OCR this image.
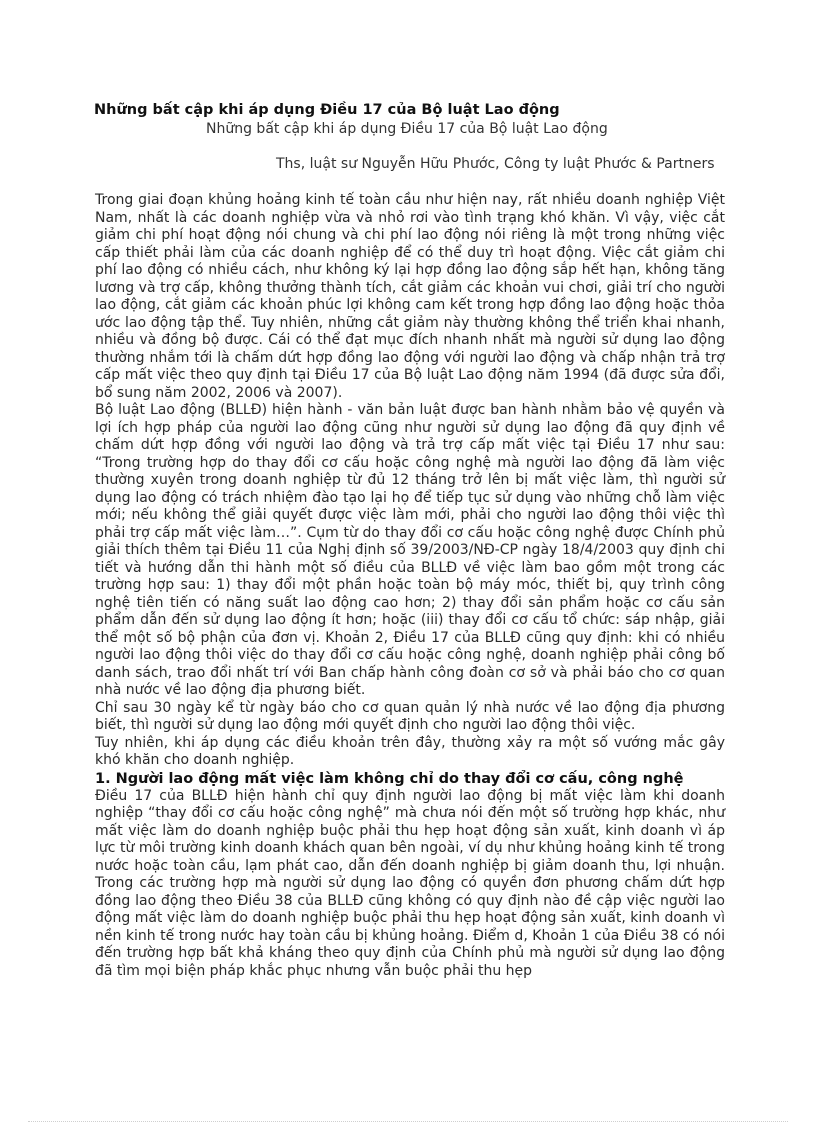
Những bất cập khi áp dụng Điều 17 của Bộ luật Lao động
Những bất cập khi áp dụng Điều 17 của Bộ luật Lao động
Ths, luật sư Nguyễn Hữu Phước, Công ty luật Phước & Partners

Trong giai đoạn khủng hoảng kinh tế toàn cầu như hiện nay, rất nhiều doanh nghiệp Việt Nam, nhất là các doanh nghiệp vừa và nhỏ rơi vào tình trạng khó khăn. Vì vậy, việc cắt giảm chi phí hoạt động nói chung và chi phí lao động nói riêng là một trong những việc cấp thiết phải làm của các doanh nghiệp để có thể duy trì hoạt động. Việc cắt giảm chi phí lao động có nhiều cách, như không ký lại hợp đồng lao động sắp hết hạn, không tăng lương và trợ cấp, không thưởng thành tích, cắt giảm các khoản vui chơi, giải trí cho người lao động, cắt giảm các khoản phúc lợi không cam kết trong hợp đồng lao động hoặc thỏa ước lao động tập thể. Tuy nhiên, những cắt giảm này thường không thể triển khai nhanh, nhiều và đồng bộ được. Cái có thể đạt mục đích nhanh nhất mà người sử dụng lao động thường nhắm tới là chấm dứt hợp đồng lao động với người lao động và chấp nhận trả trợ cấp mất việc theo quy định tại Điều 17 của Bộ luật Lao động năm 1994 (đã được sửa đổi, bổ sung năm 2002, 2006 và 2007).

Bộ luật Lao động (BLLĐ) hiện hành - văn bản luật được ban hành nhằm bảo vệ quyền và lợi ích hợp pháp của người lao động cũng như người sử dụng lao động đã quy định về chấm dứt hợp đồng với người lao động và trả trợ cấp mất việc tại Điều 17 như sau: “Trong trường hợp do thay đổi cơ cấu hoặc công nghệ mà người lao động đã làm việc thường xuyên trong doanh nghiệp từ đủ 12 tháng trở lên bị mất việc làm, thì người sử dụng lao động có trách nhiệm đào tạo lại họ để tiếp tục sử dụng vào những chỗ làm việc mới; nếu không thể giải quyết được việc làm mới, phải cho người lao động thôi việc thì phải trợ cấp mất việc làm…”. Cụm từ do thay đổi cơ cấu hoặc công nghệ được Chính phủ giải thích thêm tại Điều 11 của Nghị định số 39/2003/NĐ-CP ngày 18/4/2003 quy định chi tiết và hướng dẫn thi hành một số điều của BLLĐ về việc làm bao gồm một trong các trường hợp sau: 1) thay đổi một phần hoặc toàn bộ máy móc, thiết bị, quy trình công nghệ tiên tiến có năng suất lao động cao hơn; 2) thay đổi sản phẩm hoặc cơ cấu sản phẩm dẫn đến sử dụng lao động ít hơn; hoặc (iii) thay đổi cơ cấu tổ chức: sáp nhập, giải thể một số bộ phận của đơn vị. Khoản 2, Điều 17 của BLLĐ cũng quy định: khi có nhiều người lao động thôi việc do thay đổi cơ cấu hoặc công nghệ, doanh nghiệp phải công bố danh sách, trao đổi nhất trí với Ban chấp hành công đoàn cơ sở và phải báo cho cơ quan nhà nước về lao động địa phương biết.

Chỉ sau 30 ngày kể từ ngày báo cho cơ quan quản lý nhà nước về lao động địa phương biết, thì người sử dụng lao động mới quyết định cho người lao động thôi việc.

Tuy nhiên, khi áp dụng các điều khoản trên đây, thường xảy ra một số vướng mắc gây khó khăn cho doanh nghiệp.

1. Người lao động mất việc làm không chỉ do thay đổi cơ cấu, công nghệ

Điều 17 của BLLĐ hiện hành chỉ quy định người lao động bị mất việc làm khi doanh nghiệp “thay đổi cơ cấu hoặc công nghệ” mà chưa nói đến một số trường hợp khác, như mất việc làm do doanh nghiệp buộc phải thu hẹp hoạt động sản xuất, kinh doanh vì áp lực từ môi trường kinh doanh khách quan bên ngoài, ví dụ như khủng hoảng kinh tế trong nước hoặc toàn cầu, lạm phát cao, dẫn đến doanh nghiệp bị giảm doanh thu, lợi nhuận. Trong các trường hợp mà người sử dụng lao động có quyền đơn phương chấm dứt hợp đồng lao động theo Điều 38 của BLLĐ cũng không có quy định nào đề cập việc người lao động mất việc làm do doanh nghiệp buộc phải thu hẹp hoạt động sản xuất, kinh doanh vì nền kinh tế trong nước hay toàn cầu bị khủng hoảng. Điểm d, Khoản 1 của Điều 38 có nói đến trường hợp bất khả kháng theo quy định của Chính phủ mà người sử dụng lao động đã tìm mọi biện pháp khắc phục nhưng vẫn buộc phải thu hẹp
